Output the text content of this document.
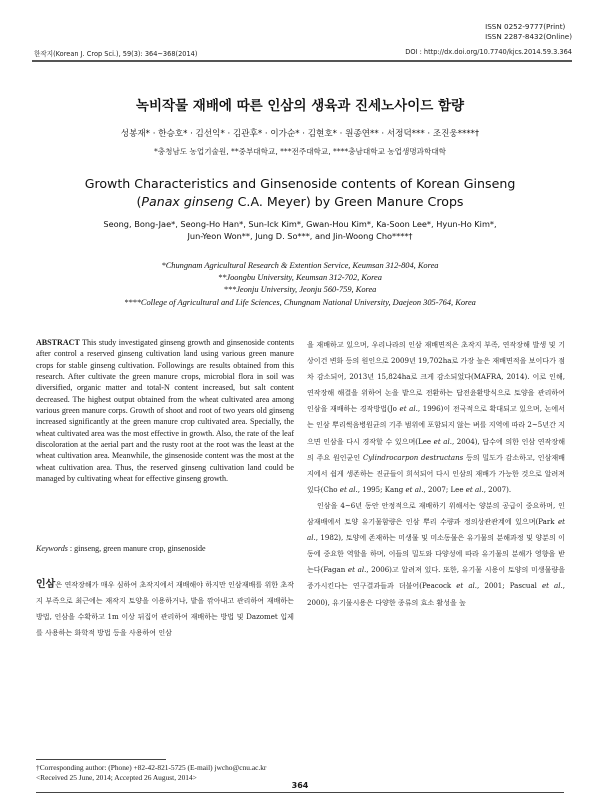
ISSN 0252-9777(Print)
ISSN 2287-8432(Online)
한작지(Korean J. Crop Sci.), 59(3): 364~368(2014)	DOI : http://dx.doi.org/10.7740/kjcs.2014.59.3.364
녹비작물 재배에 따른 인삼의 생육과 진세노사이드 함량
성봉재* · 한승호* · 김선익* · 김관후* · 이가순* · 김현호* · 원종연** · 서정덕*** · 조진웅****†
*충청남도 농업기술원, **중부대학교, ***전주대학교, ****충남대학교 농업생명과학대학
Growth Characteristics and Ginsenoside contents of Korean Ginseng
(Panax ginseng C.A. Meyer) by Green Manure Crops
Seong, Bong-Jae*, Seong-Ho Han*, Sun-Ick Kim*, Gwan-Hou Kim*, Ka-Soon Lee*, Hyun-Ho Kim*,
Jun-Yeon Won**, Jung D. So***, and Jin-Woong Cho****†
*Chungnam Agricultural Research & Extention Service, Keumsan 312-804, Korea
**Joongbu University, Keumsan 312-702, Korea
***Jeonju University, Jeonju 560-759, Korea
****College of Agricultural and Life Sciences, Chungnam National University, Daejeon 305-764, Korea
ABSTRACT This study investigated ginseng growth and ginsenoside contents after control a reserved ginseng cultivation land using various green manure crops for stable ginseng cultivation. Followings are results obtained from this research. After cultivate the green manure crops, microbial flora in soil was diversified, organic matter and total-N content increased, but salt content decreased. The highest output obtained from the wheat cultivated area among various green manure corps. Growth of shoot and root of two years old ginseng increased significantly at the green manure crop cultivated area. Specially, the wheat cultivated area was the most effective in growth. Also, the rate of the leaf discoloration at the aerial part and the rusty root at the root was the least at the wheat cultivation area. Meanwhile, the ginsenoside content was the most at the wheat cultivation area. Thus, the reserved ginseng cultivation land could be managed by cultivating wheat for effective ginseng growth.
Keywords : ginseng, green manure crop, ginsenoside
인삼은 연작장해가 매우 심하여 초작지에서 재배해야 하지만 인삼재배를 위한 초작지 부족으로 최근에는 재작지 토양을 이용하거나, 밭을 깎아내고 관리하여 재배하는 방법, 인삼을 수확하고 1m 이상 뒤집어 관리하여 재배하는 방법 및 Dazomet 입제를 사용하는 화학적 방법 등을 사용하여 인삼

을 재배하고 있으며, 우리나라의 인삼 재배면적은 초작지 부족, 연작장해 발생 및 기상이건 변화 등의 원인으로 2009년 19,702ha로 가장 높은 재배면적을 보이다가 점차 감소되어, 2013년 15,824ha로 크게 감소되었다(MAFRA, 2014). 이로 인해, 연작장해 해결을 위하여 논을 밭으로 전환하는 답전윤환방식으로 토양을 관리하여 인삼을 재배하는 경작방법(Jo et al., 1996)이 전국적으로 확대되고 있으며, 논에서는 인삼 뿌리썩음병원균의 기주 범위에 포함되지 않는 벼를 지역에 따라 2~5년간 지으면 인삼을 다시 경작할 수 있으며(Lee et al., 2004), 답수에 의한 인삼 연작장해의 주요 원인균인 Cylindrocarpon destructans 등의 밀도가 감소하고, 인삼재배지에서 쉽게 생존하는 진균들이 희석되어 다시 인삼의 재배가 가능한 것으로 알려져 있다(Cho et al., 1995; Kang et al., 2007; Lee et al., 2007).

인삼을 4~6년 동안 안정적으로 재배하기 위해서는 양분의 공급이 중요하며, 인삼재배에서 토양 유기물함량은 인삼 뿌리 수량과 정의상관관계에 있으며(Park et al., 1982), 토양에 존재하는 미생물 및 미소동물은 유기물의 분해과정 및 양분의 이동에 중요한 역할을 하며, 이들의 밀도와 다양성에 따라 유기물의 분해가 영향을 받는다(Fagan et al., 2006)고 알려져 있다. 또한, 유기물 시용이 토양의 미생물량을 증가시킨다는 연구결과들과 더불어(Peacock et al., 2001; Pascual et al., 2000), 유기물시용은 다양한 종류의 효소 활성을 높

†Corresponding author: (Phone) +82-42-821-5725 (E-mail) jwcho@cnu.ac.kr
<Received 25 June, 2014; Accepted 26 August, 2014>
364
